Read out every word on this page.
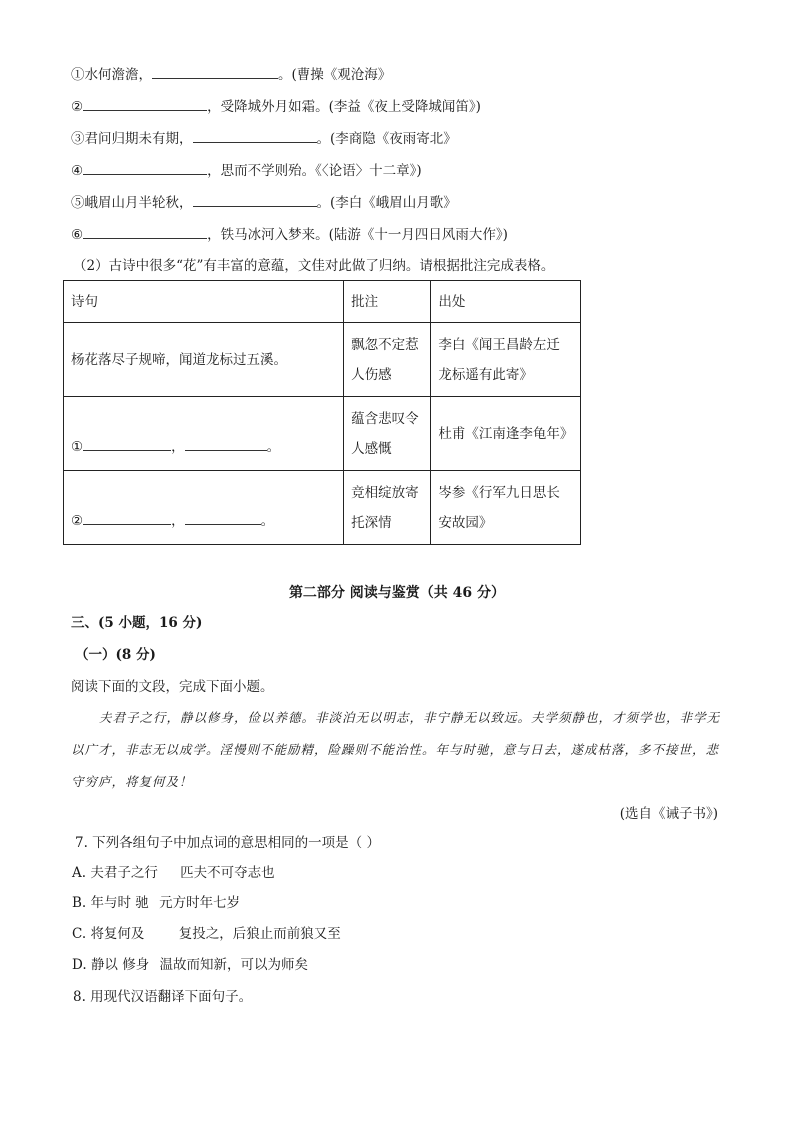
①水何澹澹，	。(曹操《观沧海》
②	，受降城外月如霜。(李益《夜上受降城闻笛》)
③君问归期未有期，	。(李商隐《夜雨寄北》
④	，思而不学则殆。《〈论语〉十二章》)
⑤峨眉山月半轮秋，	。(李白《峨眉山月歌》
⑥	，铁马冰河入梦来。(陆游《十一月四日风雨大作》)
（2）古诗中很多“花”有丰富的意蕴，文佳对此做了归纳。请根据批注完成表格。
诗句	批注	出处
杨花落尽子规啼，闻道龙标过五溪。	飘忽不定惹人伤感	李白《闻王昌龄左迁龙标遥有此寄》
① ， 。	蕴含悲叹令人感慨	杜甫《江南逢李龟年》
② ， 。	竞相绽放寄托深情	岑参《行军九日思长安故园》
第二部分 阅读与鉴赏（共 46 分）
三、(5 小题，16 分)
（一）(8 分)
阅读下面的文段，完成下面小题。
夫君子之行，静以修身，俭以养德。非淡泊无以明志，非宁静无以致远。夫学须静也，才须学也，非学无以广才，非志无以成学。淫慢则不能励精，险躁则不能治性。年与时驰，意与日去，遂成枯落，多不接世，悲守穷庐，将复何及！
(选自《诫子书》)
7. 下列各组句子中加点词的意思相同的一项是（ ）
A. 夫君子之行 匹夫不可夺志也
B. 年与时 驰 元方时年七岁
C. 将复何及	复投之，后狼止而前狼又至
D. 静以 修身 温故而知新，可以为师矣
8. 用现代汉语翻译下面句子。
